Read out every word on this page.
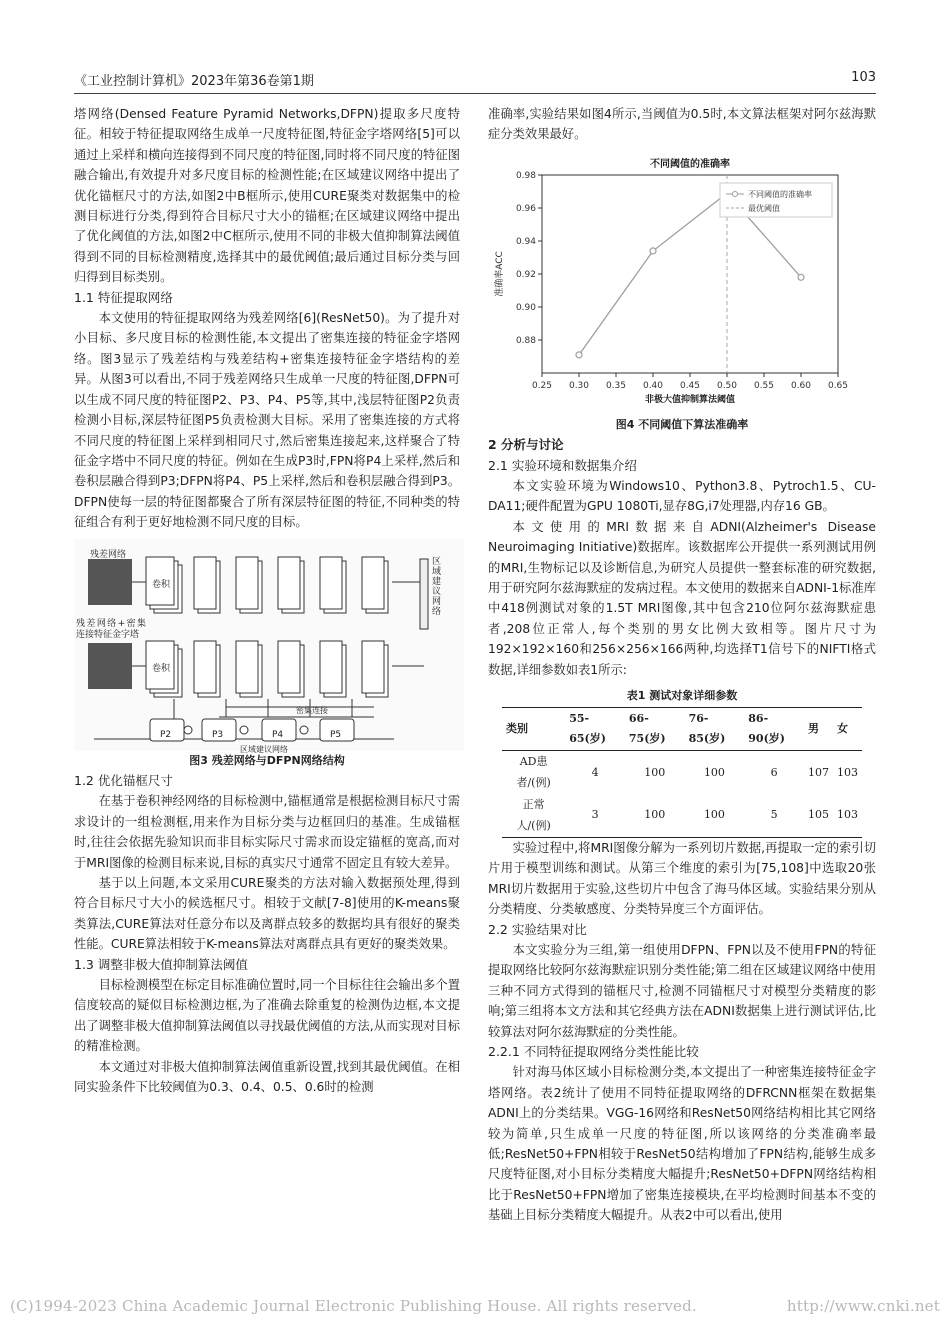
《工业控制计算机》2023年第36卷第1期	103

塔网络(Densed Feature Pyramid Networks,DFPN)提取多尺度特征。相较于特征提取网络生成单一尺度特征图,特征金字塔网络[5]可以通过上采样和横向连接得到不同尺度的特征图,同时将不同尺度的特征图融合输出,有效提升对多尺度目标的检测性能;在区域建议网络中提出了优化锚框尺寸的方法,如图2中B框所示,使用CURE聚类对数据集中的检测目标进行分类,得到符合目标尺寸大小的锚框;在区域建议网络中提出了优化阈值的方法,如图2中C框所示,使用不同的非极大值抑制算法阈值得到不同的目标检测精度,选择其中的最优阈值;最后通过目标分类与回归得到目标类别。

1.1 特征提取网络

本文使用的特征提取网络为残差网络[6](ResNet50)。为了提升对小目标、多尺度目标的检测性能,本文提出了密集连接的特征金字塔网络。图3显示了残差结构与残差结构+密集连接特征金字塔结构的差异。从图3可以看出,不同于残差网络只生成单一尺度的特征图,DFPN可以生成不同尺度的特征图P2、P3、P4、P5等,其中,浅层特征图P2负责检测小目标,深层特征图P5负责检测大目标。采用了密集连接的方式将不同尺度的特征图上采样到相同尺寸,然后密集连接起来,这样聚合了特征金字塔中不同尺度的特征。例如在生成P3时,FPN将P4上采样,然后和卷积层融合得到P3;DFPN将P4、P5上采样,然后和卷积层融合得到P3。DFPN使每一层的特征图都聚合了所有深层特征图的特征,不同种类的特征组合有利于更好地检测不同尺度的目标。

残差网络
残差网络+密集连接特征金字塔
卷积
卷积
区域建议网络
密集连接
P2	P3	P4	P5
区域建议网络

图3 残差网络与DFPN网络结构

1.2 优化锚框尺寸

在基于卷积神经网络的目标检测中,锚框通常是根据检测目标尺寸需求设计的一组检测框,用来作为目标分类与边框回归的基准。生成锚框时,往往会依据先验知识而非目标实际尺寸需求而设定锚框的宽高,而对于MRI图像的检测目标来说,目标的真实尺寸通常不固定且有较大差异。

基于以上问题,本文采用CURE聚类的方法对输入数据预处理,得到符合目标尺寸大小的候选框尺寸。相较于文献[7-8]使用的K-means聚类算法,CURE算法对任意分布以及离群点较多的数据均具有很好的聚类性能。CURE算法相较于K-means算法对离群点具有更好的聚类效果。

1.3 调整非极大值抑制算法阈值

目标检测模型在标定目标准确位置时,同一个目标往往会输出多个置信度较高的疑似目标检测边框,为了准确去除重复的检测伪边框,本文提出了调整非极大值抑制算法阈值以寻找最优阈值的方法,从而实现对目标的精准检测。

本文通过对非极大值抑制算法阈值重新设置,找到其最优阈值。在相同实验条件下比较阈值为0.3、0.4、0.5、0.6时的检测

准确率,实验结果如图4所示,当阈值为0.5时,本文算法框架对阿尔兹海默症分类效果最好。

0.25 0.30 0.35 0.40 0.45 0.50 0.55 0.60 0.65
0.88
0.90
0.92
0.94
0.96
0.98
不同阈值的准确率
非极大值抑制算法阈值
准确率ACC
不同阈值的准确率
最优阈值

图4 不同阈值下算法准确率

2 分析与讨论

2.1 实验环境和数据集介绍

本文实验环境为Windows10、Python3.8、Pytroch1.5、CU-DA11;硬件配置为GPU 1080Ti,显存8G,i7处理器,内存16 GB。

本文使用的MRI数据来自ADNI(Alzheimer's Disease Neuroimaging Initiative)数据库。该数据库公开提供一系列测试用例的MRI,生物标记以及诊断信息,为研究人员提供一整套标准的研究数据,用于研究阿尔兹海默症的发病过程。本文使用的数据来自ADNI-1标准库中418例测试对象的1.5T MRI图像,其中包含210位阿尔兹海默症患者,208位正常人,每个类别的男女比例大致相等。图片尺寸为192×192×160和256×256×166两种,均选择T1信号下的NIFTI格式数据,详细参数如表1所示:

表1 测试对象详细参数

类别	55-65(岁)	66-75(岁)	76-85(岁)	86-90(岁)	男	女
AD患者/(例)	4	100	100	6	107	103
正常人/(例)	3	100	100	5	105	103

实验过程中,将MRI图像分解为一系列切片数据,再提取一定的索引切片用于模型训练和测试。从第三个维度的索引为[75,108]中选取20张MRI切片数据用于实验,这些切片中包含了海马体区域。实验结果分别从分类精度、分类敏感度、分类特异度三个方面评估。

2.2 实验结果对比

本文实验分为三组,第一组使用DFPN、FPN以及不使用FPN的特征提取网络比较阿尔兹海默症识别分类性能;第二组在区域建议网络中使用三种不同方式得到的锚框尺寸,检测不同锚框尺寸对模型分类精度的影响;第三组将本文方法和其它经典方法在ADNI数据集上进行测试评估,比较算法对阿尔兹海默症的分类性能。

2.2.1 不同特征提取网络分类性能比较

针对海马体区域小目标检测分类,本文提出了一种密集连接特征金字塔网络。表2统计了使用不同特征提取网络的DFRCNN框架在数据集ADNI上的分类结果。VGG-16网络和ResNet50网络结构相比其它网络较为简单,只生成单一尺度的特征图,所以该网络的分类准确率最低;ResNet50+FPN相较于ResNet50结构增加了FPN结构,能够生成多尺度特征图,对小目标分类精度大幅提升;ResNet50+DFPN网络结构相比于ResNet50+FPN增加了密集连接模块,在平均检测时间基本不变的基础上目标分类精度大幅提升。从表2中可以看出,使用

(C)1994-2023 China Academic Journal Electronic Publishing House. All rights reserved.	http://www.cnki.net
